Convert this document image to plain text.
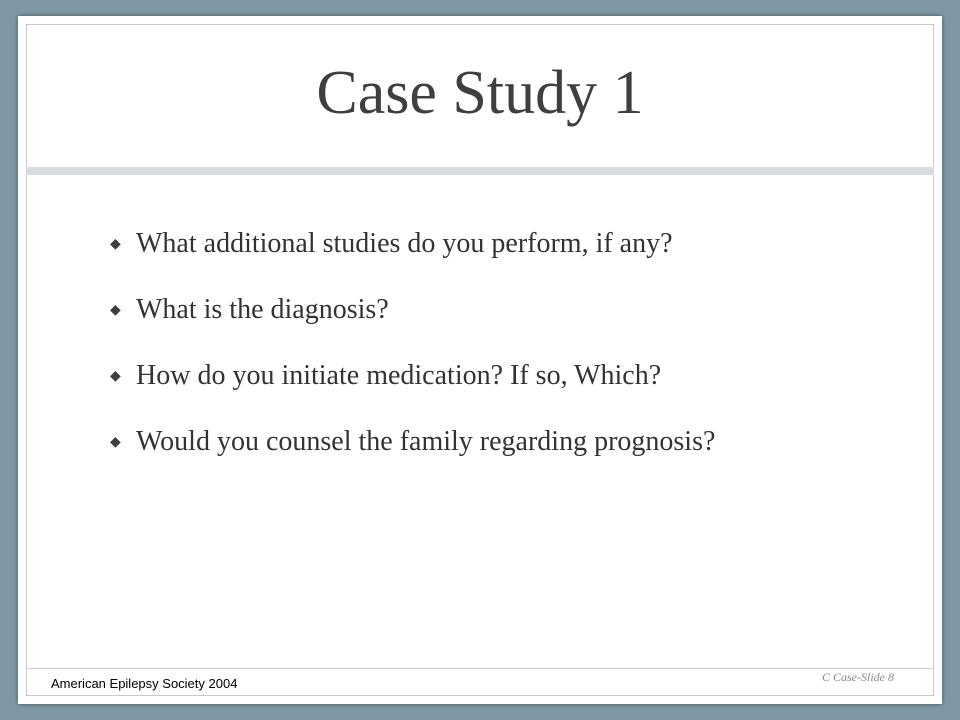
Case Study 1
◆ What additional studies do you perform, if any?
◆ What is the diagnosis?
◆ How do you initiate medication? If so, Which?
◆ Would you counsel the family regarding prognosis?
American Epilepsy Society 2004	C Case-Slide 8
